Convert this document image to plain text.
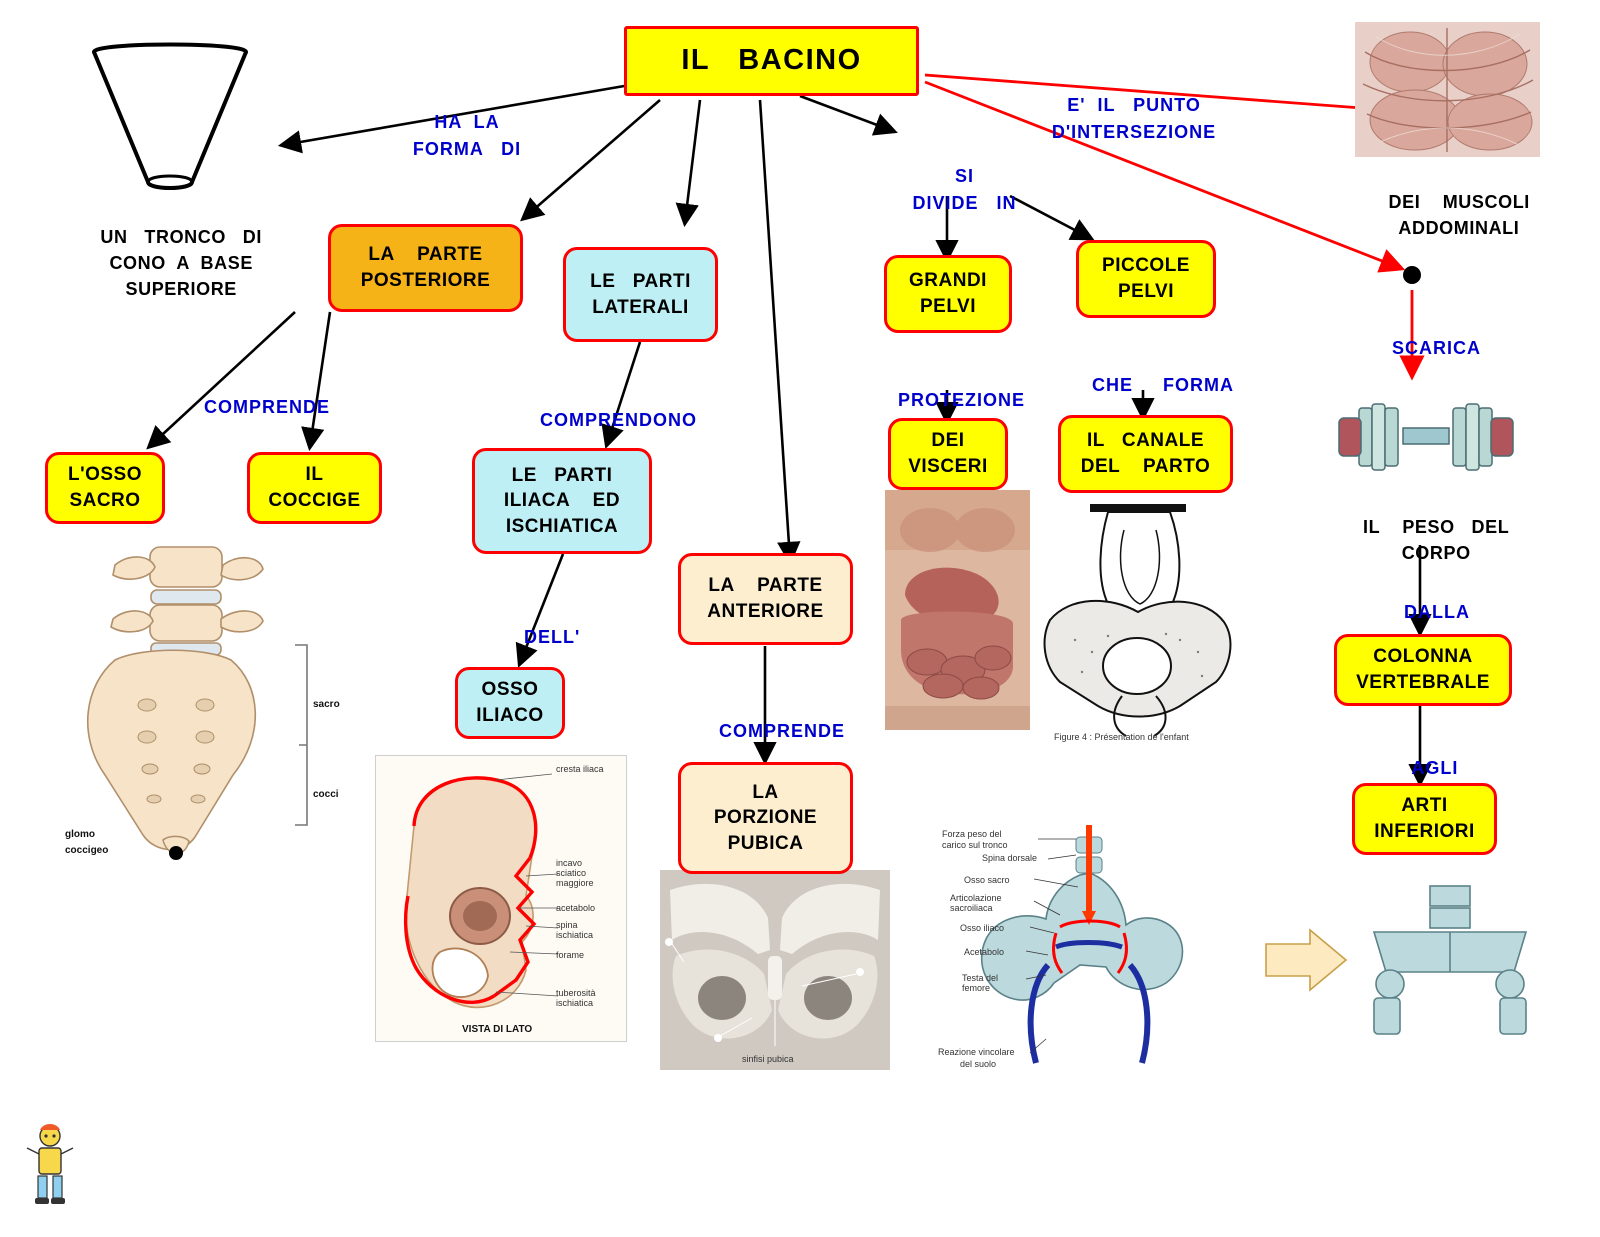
sacro
cocci
glomo
coccigeo
cresta iliaca
incavo
sciatico
maggiore
acetabolo
spina
ischiatica
forame
tuberosità
ischiatica
VISTA DI LATO
Figure 4 : Présentation de l'enfant
sinfisi pubica
Forza peso del
carico sul tronco
Spina dorsale
Osso sacro
Articolazione
sacroiliaca
Osso iliaco
Acetabolo
Testa del
femore
Reazione vincolare
del suolo
IL   BACINO
LA    PARTE
POSTERIORE	LE   PARTI
LATERALI
GRANDI
PELVI
PICCOLE
PELVI
L'OSSO
SACRO
IL
COCCIGE
LE   PARTI
ILIACA    ED
ISCHIATICA
OSSO
ILIACO
LA    PARTE
ANTERIORE
LA
PORZIONE
PUBICA
DEI
VISCERI
IL   CANALE
DEL    PARTO
COLONNA
VERTEBRALE
ARTI
INFERIORI

HA  LA
FORMA   DI

E'  IL   PUNTO
D'INTERSEZIONE

SI
DIVIDE   IN

COMPRENDE

COMPRENDONO

PROTEZIONE

CHE     FORMA

DELL'

COMPRENDE

SCARICA

DALLA

AGLI

UN   TRONCO   DI
CONO  A  BASE
SUPERIORE

DEI    MUSCOLI
ADDOMINALI

IL    PESO   DEL
CORPO
